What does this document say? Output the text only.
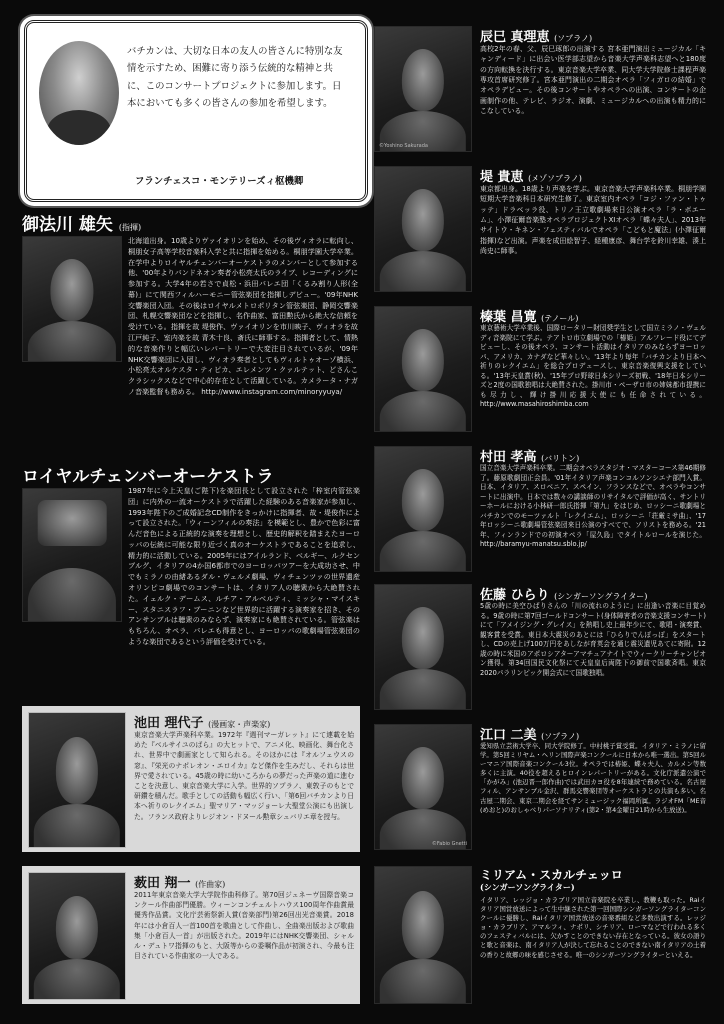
バチカンは、大切な日本の友人の皆さんに特別な友情を示すため、困難に寄り添う伝統的な精神と共に、このコンサートプロジェクトに参加します。日本においても多くの皆さんの参加を希望します。

フランチェスコ・モンテリーズィ枢機卿
御法川 雄矢 (指揮)

北海道出身。10歳よりヴァイオリンを始め、その後ヴィオラに転向し、桐朋女子高等学校音楽科入学と共に指揮を始める。桐朋学園大学卒業。在学中よりロイヤルチェンバーオーケストラのメンバーとして参加する他、'00年よりバンドネオン奏者小松亮太氏のライブ、レコーディングに参加する。大学4年の若さで貞松・浜田バレエ団「くるみ割り人形(全幕)」にて関西フィルハーモニー管弦楽団を指揮しデビュー。'09年NHK交響楽団入団。その後はロイヤルメトロポリタン管弦楽団、静岡交響楽団、札幌交響楽団などを指揮し、名作曲家、富田勲氏から絶大な信頼を受けている。指揮を故 堤俊作、ヴァイオリンを市川映子、ヴィオラを故 江戸純子、室内楽を故 青木十良、斎氏に師事する。指揮者として、情熱的な音楽作りと幅広いレパートリーで大変注目されているが、'09年NHK交響楽団に入団し、ヴィオラ奏者としてもヴィルトゥオーゾ横浜、小松亮太オルケスタ・ティピカ、エレメンツ・クァルテット、どさんこクラシックスなどで中心的存在として活躍している。カメラータ・ナガノ音楽監督も務める。 http://www.instagram.com/minoryyuya/

ロイヤルチェンバーオーケストラ

1987年に今上天皇(ご陛下)を楽団長として設立された「梓室内管弦楽団」に内外の一流オーケストラで活躍した経験のある音楽家が参加し、1993年陛下のご成婚記念CD制作をきっかけに指揮者、故・堤俊作によって設立された。「ウィーンフィルの奏法」を模範とし、豊かで色彩に富んだ音色による正統的な演奏を理想とし、歴史的解釈を踏まえたヨーロッパの伝統に可能な限り近づく真のオーケストラであることを追求し、精力的に活動している。2005年にはアイルランド、ベルギー、ルクセンブルグ、イタリアの4か国6都市でのヨーロッパツアーを大成功させ、中でもミラノの由緒あるダル・ヴェルメ劇場、ヴィチェンツァの世界遺産オリンピコ劇場でのコンサートは、イタリア人の聴衆から大絶賛された。イェルク・デームス、ルチア・アルベルティ、ミッシャ・マイスキー、スタニスラフ・ブーニンなど世界的に活躍する演奏家を招き、そのアンサンブルは聴衆のみならず、演奏家にも絶賛されている。管弦楽はもちろん、オペラ、バレエも得意とし、ヨーロッパの歌劇場管弦楽団のような楽団であるという評価を受けている。

池田 理代子 (漫画家・声楽家)

東京音楽大学声楽科卒業。1972年『週刊マーガレット』にて連載を始めた『ベルサイユのばら』の大ヒットで、アニメ化、映画化、舞台化され、世界中で劇画家として知られる。そのほかには『オルフェウスの窓』、『栄光のナポレオン・エロイカ』など傑作を生みだし、それらは世界で愛されている。45歳の時に幼いころからの夢だった声楽の道に進むことを決意し、東京音楽大学に入学。世界的ソプラノ、東敦子のもとで研鑽を積んだ。歌手としての活動も幅広く行い、「第6回バチカンより日本へ祈りのレクイエム」聖マリア・マッジョーレ大聖堂公演にも出演した。フランス政府よりレジオン・ドヌール勲章シュバリエ章を授与。

薮田 翔一 (作曲家)

2011年東京音楽大学大学院作曲科修了。第70回ジュネーヴ国際音楽コンクール作曲部門優勝。ウィーンコンチェルトハウス100周年作曲賞最優秀作品賞。文化庁芸術祭新人賞(音楽部門)第26回出光音楽賞。2018年には小倉百人一首100首を歌曲として作曲し、全曲楽出版および歌曲集「小倉百人一首」が出版された。2019年にはNHK交響楽団、シャルル・デュトワ指揮のもと、大阪等からの委嘱作品が初演され、今最も注目されている作曲家の一人である。

©Yoshino Sakurada
辰巳 真理恵 (ソプラノ)

高校2年の春、父、辰巳琢郎の出演する 宮本亜門演出ミュージカル「キャンディード」に出会い医学部志望から音楽大学声楽科志望へと180度の方向転換を決行する。東京音楽大学卒業、同大学大学院修士課程声楽専攻首席研究修了。宮本亜門演出の二期会オペラ「フィガロの結婚」でオペラデビュー。その後コンサートやオペラへの出演、コンサートの企画制作の他、テレビ、ラジオ、演劇、ミュージカルへの出演も精力的にこなしている。

堤 貴恵 (メゾソプラノ)

東京都出身。18歳より声楽を学ぶ。東京音楽大学声楽科卒業。桐朋学園短期大学音楽科日本研究生修了。東京室内オペラ「コジ・ファン・トゥッテ」ドラベッラ役、トリノ王立歌劇場来日公演オペラ「ラ・ボエーム」、小澤征爾音楽塾オペラプロジェクトXIオペラ「蝶々夫人」、2013年サイトウ・キネン・フェスティバルでオペラ「こどもと魔法」(小澤征爾指揮)など出演。声楽を成田絵智子、経種康彦、舞台学を鈴川幸雄、湊上尚史に師事。

榛葉 昌寛 (テノール)

東京藝術大学卒業後、国際ロータリー財団奨学生として国立ミラノ・ヴェルディ音楽院にて学ぶ。テアトロ市立劇場での「椿姫」アルフレード役にてデビューし、その後オペラ、コンサート活動はイタリアのみならずヨーロッパ、アメリカ、カナダなど華々しい。'13年より毎年「バチカンより日本へ祈りのレクイエム」を総合プロデュースし、東京音楽復興支援をしている。'13年天皇賞(秋)、'15年プロ野球日本シリーズ初戦、'18年日本シリーズと2度の国歌独唱は大絶賛された。掛川市・ペーザロ市の姉妹都市提携にも尽力し、輝け掛川応援大使にも任命されている。http://www.masahiroshimba.com

村田 孝高 (バリトン)

国立音楽大学声楽科卒業。二期会オペラスタジオ・マスターコース第46期修了。藤原歌劇団正会員。'01年イタリア声楽コンコルソンシエナ部門入賞。日本、イタリア、スロベニア、スペイン、フランスなどで、オペラやコンサートに出演中。日本では数々の講談師のリサイタルで評価が高く、サントリーホールにおける小林研一郎氏指揮「第九」をはじめ、ロッシーニ歌劇場とバチカンでのモーツァルト「レクイエム」、ロッシーニ「荘厳ミサ曲」、'17年ロッシーニ歌劇場管弦楽団来日公演のすべてで、ソリストを務める。'21年、フィンランドでの初演オペラ「屋久島」でタイトルロールを演じた。http://baramyu-manatsu.sblo.jp/

佐藤 ひらり (シンガーソングライター)

5歳の時に美空ひばりさんの「川の流れのように」に出逢い音楽に目覚める。9歳の時に第7回ゴールドコンサート(身体障害者の音楽支援コンサート)にて「アメイジング・グレイス」を熱唱し史上最年少にて、歌唱・演奏賞、観客賞を受賞。東日本大震災のあとには「ひらりでんぽっぽ」をスタートし、CDの売上げ100万円をあしなが育英会を通じ震災遺児あてに寄附。12歳の時に米国のアポロシアターアマチュアナイトでウィークリーチャンピオン獲得。第34回国民文化祭にて天皇皇后両陛下の御前で国歌斉唱。東京2020パラリンピック開会式にて国歌独唱。

©Fabio Gnetti
江口 二美 (ソプラノ)

愛知県立芸術大学卒、同大学院修了。中村桃子賞受賞。イタリア・ミラノに留学。第5回ミリヤム・ヘリン国際声楽コンクールに日本から唯一選出。第5回ルーマニア国際音楽コンクール3位。オペラでは椿姫、蝶々夫人、カルメン等数多くに主演。40役を超えるヒロインレパートリーがある。文化庁派遣公演で「かがみ」(池辺晋一郎作曲)では武田カヨ役を8年連続で務めている。名古屋フィル、アンサンブル金沢、群馬交響楽団等オーケストラとの共演も多い。名古屋二期会、東京二期会を経てサンミュージック福岡所属。ラジオFM「ME音(めおと)のおしゃべりパーソナリティ(第2・第4金曜日21時から生放送)。

ミリアム・スカルチェッロ
(シンガーソングライター)

イタリア、レッジョ・カラブリア国立音楽院を卒業し、教鞭も取った。Raiイタリア国営放送によって生中継された第一回国際シンガーソングライターコンクールに優勝し、Raiイタリア国営放送の音楽番組など多数出演する。レッジョ・カラブリア、アマルフィ、ナポリ、シチリア、ローマなどで行われる多くのフェスティバルには、欠かすことのできない存在となっている。彼女の語りと歌と音楽は、南イタリア人が決して忘れることのできない南イタリアの土着の香りと故郷の味を感じさせる。唯一のシンガーソングライターといえる。
